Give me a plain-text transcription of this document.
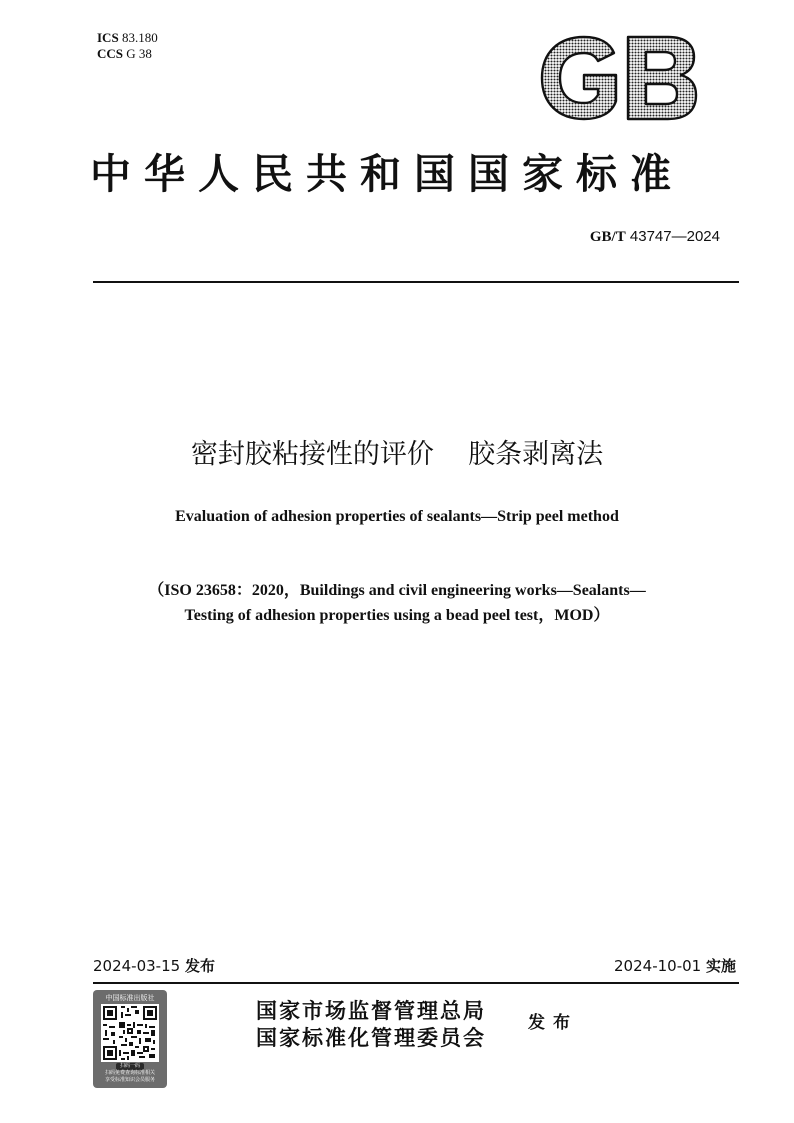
ICS 83.180
CCS G 38
中华人民共和国国家标准
GB/T 43747—2024
密封胶粘接性的评价    胶条剥离法
Evaluation of adhesion properties of sealants—Strip peel method
（ISO 23658：2020，Buildings and civil engineering works—Sealants—
Testing of adhesion properties using a bead peel test，MOD）
2024-03-15 发布	2024-10-01 实施
中国标准出版社
扫码一码
扫码免费查询标准相关
享受标准知识会员服务
国家市场监督管理总局
国家标准化管理委员会
发布
